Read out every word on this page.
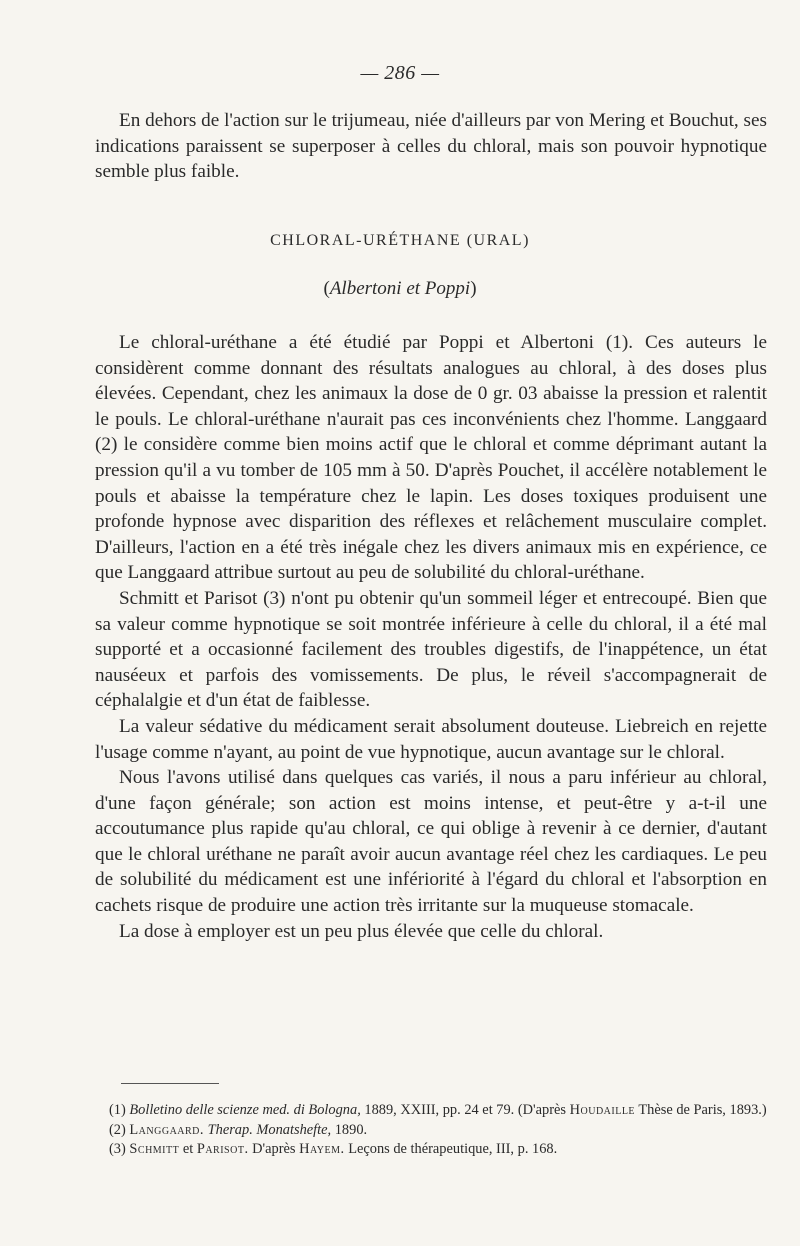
— 286 —

En dehors de l'action sur le trijumeau, niée d'ailleurs par von Mering et Bouchut, ses indications paraissent se superposer à celles du chloral, mais son pouvoir hypnotique semble plus faible.

CHLORAL-URÉTHANE (URAL)
(Albertoni et Poppi)

Le chloral-uréthane a été étudié par Poppi et Albertoni (1). Ces auteurs le considèrent comme donnant des résultats analogues au chloral, à des doses plus élevées. Cependant, chez les animaux la dose de 0 gr. 03 abaisse la pression et ralentit le pouls. Le chloral-uréthane n'aurait pas ces inconvénients chez l'homme. Langgaard (2) le considère comme bien moins actif que le chloral et comme déprimant autant la pression qu'il a vu tomber de 105 mm à 50. D'après Pouchet, il accélère notablement le pouls et abaisse la température chez le lapin. Les doses toxiques produisent une profonde hypnose avec disparition des réflexes et relâchement musculaire complet. D'ailleurs, l'action en a été très inégale chez les divers animaux mis en expérience, ce que Langgaard attribue surtout au peu de solubilité du chloral-uréthane.

Schmitt et Parisot (3) n'ont pu obtenir qu'un sommeil léger et entrecoupé. Bien que sa valeur comme hypnotique se soit montrée inférieure à celle du chloral, il a été mal supporté et a occasionné facilement des troubles digestifs, de l'inappétence, un état nauséeux et parfois des vomissements. De plus, le réveil s'accompagnerait de céphalalgie et d'un état de faiblesse.

La valeur sédative du médicament serait absolument douteuse. Liebreich en rejette l'usage comme n'ayant, au point de vue hypnotique, aucun avantage sur le chloral.

Nous l'avons utilisé dans quelques cas variés, il nous a paru inférieur au chloral, d'une façon générale; son action est moins intense, et peut-être y a-t-il une accoutumance plus rapide qu'au chloral, ce qui oblige à revenir à ce dernier, d'autant que le chloral uréthane ne paraît avoir aucun avantage réel chez les cardiaques. Le peu de solubilité du médicament est une infériorité à l'égard du chloral et l'absorption en cachets risque de produire une action très irritante sur la muqueuse stomacale.

La dose à employer est un peu plus élevée que celle du chloral.

(1) Bolletino delle scienze med. di Bologna, 1889, XXIII, pp. 24 et 79. (D'après Houdaille Thèse de Paris, 1893.)

(2) Langgaard. Therap. Monatshefte, 1890.

(3) Schmitt et Parisot. D'après Hayem. Leçons de thérapeutique, III, p. 168.
